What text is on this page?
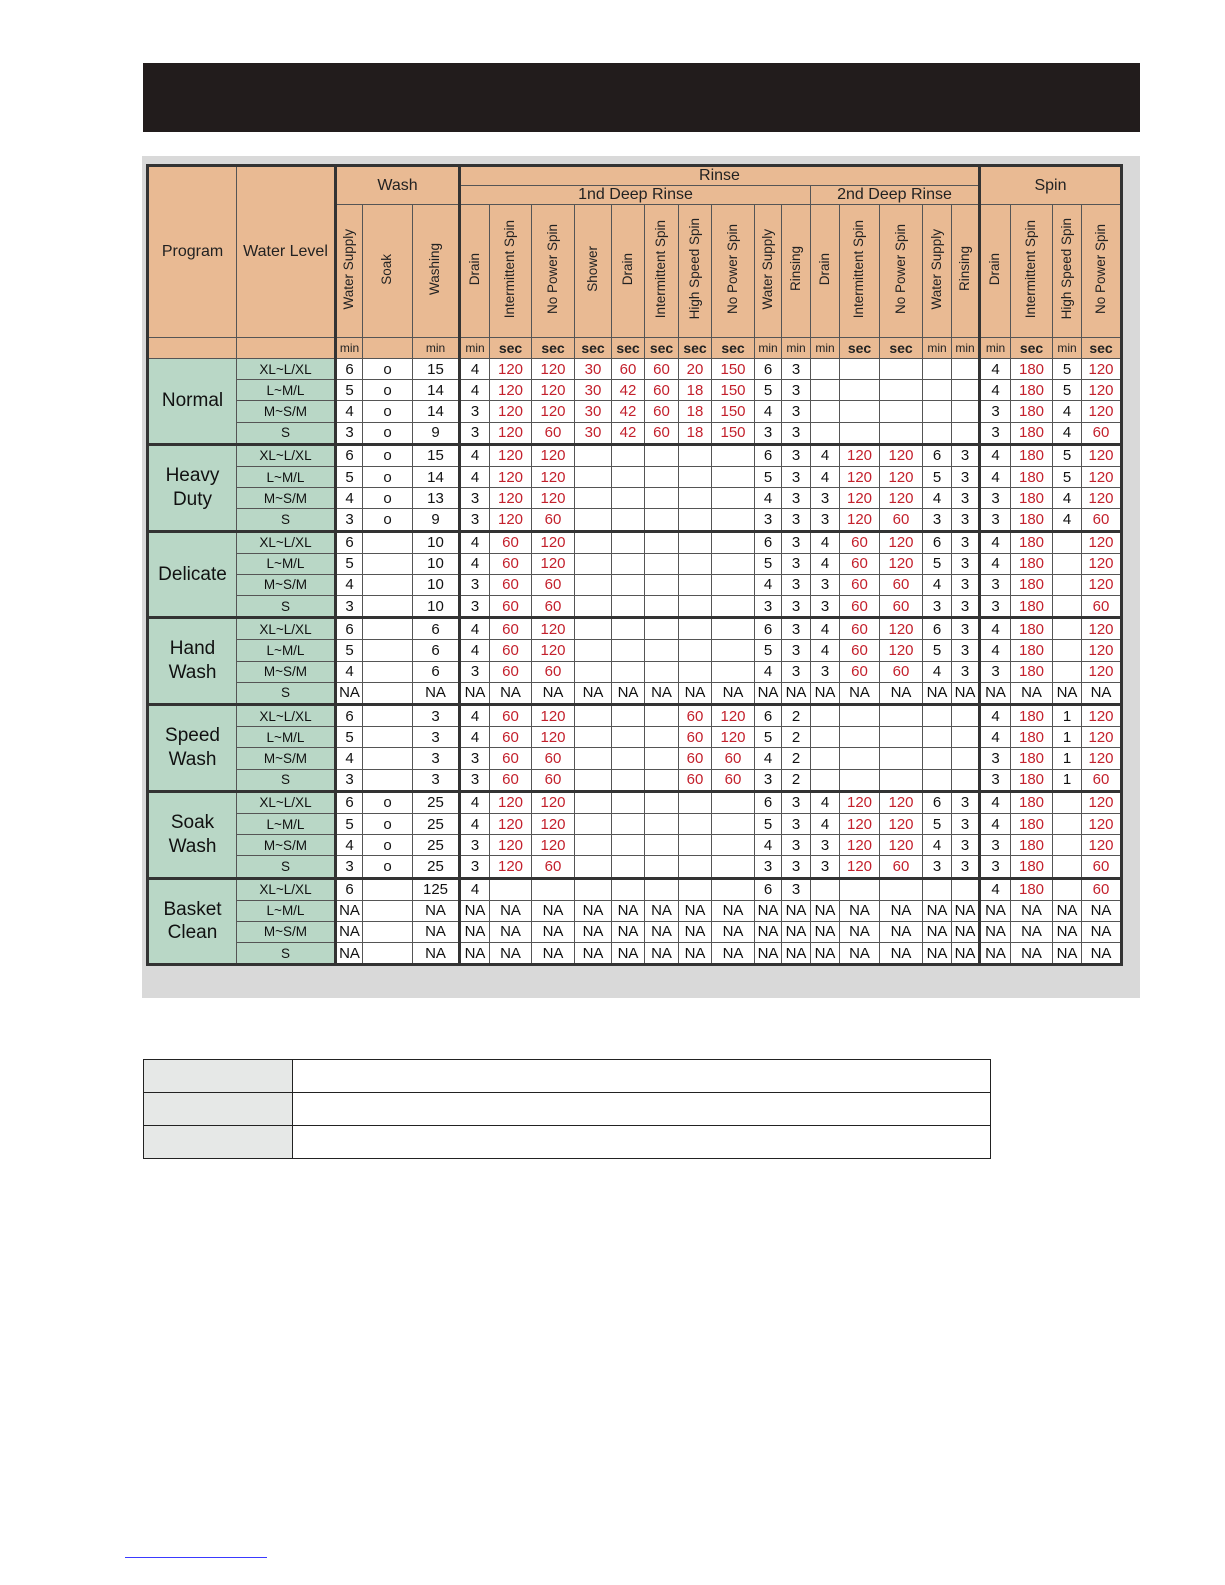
Program	Water Level	Wash			Rinse															Spin			
					1nd Deep Rinse										2nd Deep Rinse								
		Water Supply	Soak	Washing	Drain	Intermittent Spin	No Power Spin	Shower	Drain	Intermittent Spin	High Speed Spin	No Power Spin	Water Supply	Rinsing	Drain	Intermittent Spin	No Power Spin	Water Supply	Rinsing	Drain	Intermittent Spin	High Speed Spin	No Power Spin
		min		min	min	sec	sec	sec	sec	sec	sec	sec	min	min	min	sec	sec	min	min	min	sec	min	sec
Normal	XL~L/XL	6	o	15	4	120	120	30	60	60	20	150	6	3						4	180	5	120
	L~M/L	5	o	14	4	120	120	30	42	60	18	150	5	3						4	180	5	120
	M~S/M	4	o	14	3	120	120	30	42	60	18	150	4	3						3	180	4	120
	S	3	o	9	3	120	60	30	42	60	18	150	3	3						3	180	4	60
Heavy Duty	XL~L/XL	6	o	15	4	120	120						6	3	4	120	120	6	3	4	180	5	120
	L~M/L	5	o	14	4	120	120						5	3	4	120	120	5	3	4	180	5	120
	M~S/M	4	o	13	3	120	120						4	3	3	120	120	4	3	3	180	4	120
	S	3	o	9	3	120	60						3	3	3	120	60	3	3	3	180	4	60
Delicate	XL~L/XL	6		10	4	60	120						6	3	4	60	120	6	3	4	180		120
	L~M/L	5		10	4	60	120						5	3	4	60	120	5	3	4	180		120
	M~S/M	4		10	3	60	60						4	3	3	60	60	4	3	3	180		120
	S	3		10	3	60	60						3	3	3	60	60	3	3	3	180		60
Hand Wash	XL~L/XL	6		6	4	60	120						6	3	4	60	120	6	3	4	180		120
	L~M/L	5		6	4	60	120						5	3	4	60	120	5	3	4	180		120
	M~S/M	4		6	3	60	60						4	3	3	60	60	4	3	3	180		120
	S	NA		NA	NA	NA	NA	NA	NA	NA	NA	NA	NA	NA	NA	NA	NA	NA	NA	NA	NA	NA	NA
Speed Wash	XL~L/XL	6		3	4	60	120				60	120	6	2						4	180	1	120
	L~M/L	5		3	4	60	120				60	120	5	2						4	180	1	120
	M~S/M	4		3	3	60	60				60	60	4	2						3	180	1	120
	S	3		3	3	60	60				60	60	3	2						3	180	1	60
Soak Wash	XL~L/XL	6	o	25	4	120	120						6	3	4	120	120	6	3	4	180		120
	L~M/L	5	o	25	4	120	120						5	3	4	120	120	5	3	4	180		120
	M~S/M	4	o	25	3	120	120						4	3	3	120	120	4	3	3	180		120
	S	3	o	25	3	120	60						3	3	3	120	60	3	3	3	180		60
Basket Clean	XL~L/XL	6		125	4								6	3						4	180		60
	L~M/L	NA		NA	NA	NA	NA	NA	NA	NA	NA	NA	NA	NA	NA	NA	NA	NA	NA	NA	NA	NA	NA
	M~S/M	NA		NA	NA	NA	NA	NA	NA	NA	NA	NA	NA	NA	NA	NA	NA	NA	NA	NA	NA	NA	NA
	S	NA		NA	NA	NA	NA	NA	NA	NA	NA	NA	NA	NA	NA	NA	NA	NA	NA	NA	NA	NA	NA
